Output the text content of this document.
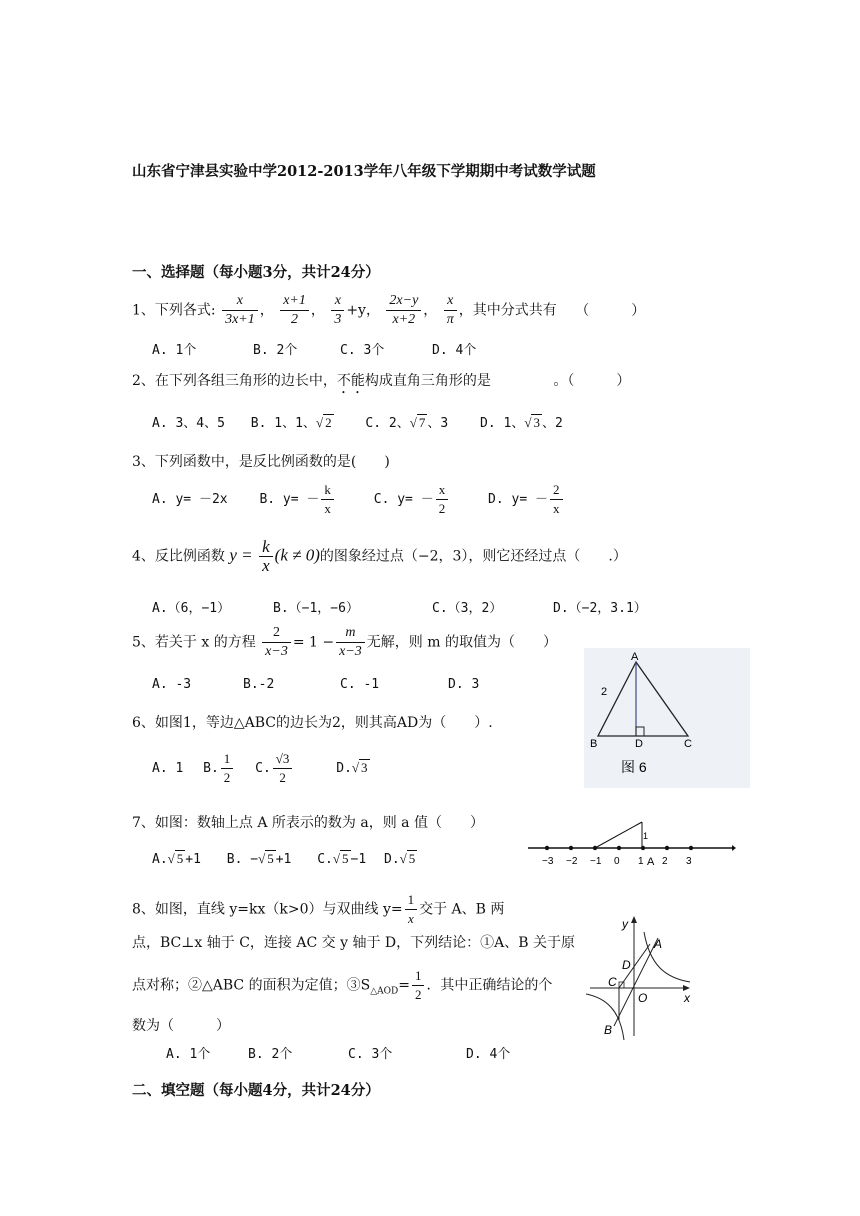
山东省宁津县实验中学2012-2013学年八年级下学期期中考试数学试题
一、选择题（每小题3分，共计24分）
1、下列各式: $\frac{x}{3x+1}$ ， $\frac{x+1}{2}$ ， $\frac{x}{3} +y$， $\frac{2x-y}{x+2}$ ， $\frac{x}{\pi}$ ，其中分式共有 （　　　）
A. 1个	B. 2个	C. 3个	D. 4个
2、在下列各组三角形的边长中，不能构成直角三角形的是	。（　　　）
A. 3、4、5 B. 1、1、√ 2	C. 2、√ 7 、3 D. 1、√ 3 、2
3、下列函数中，是反比例函数的是(　　)
A. y= －2x B. $y= - \frac{k}{x}$	C. $y= - \frac{x}{2}$	D. $y= - \frac{2}{x}$
4、反比例函数 $y = \frac{k}{x} (k \ne 0)$的图象经过点（−2，3），则它还经过点（　　.）
A.（6，−1）	B.（−1，−6）	C.（3，2）	D.（−2，3.1）
5、若关于 x 的方程 $\frac{2}{x-3} = 1 - \frac{m}{x-3}$ 无解，则 m 的取值为（　　）
A. -3	B.-2	C. -1	D. 3
A
B	C
D
2
图 6
6、如图1，等边△ABC的边长为2，则其高AD为（　　）.
A. 1 B. $\frac{1}{2} C$. $\frac{√3}{2}$	D.√ 3
7、如图：数轴上点 A 所表示的数为 a，则 a 值（　　）
A.√ 5 +1 B. −√ 5 +1 C.√ 5 −1 D.√ 5	−3 −2 −1 0 1 2 3
1
A
8、如图，直线 y=kx（k>0）与双曲线 $y= \frac{1}{x}$ 交于 A、B 两
点，BC⊥x 轴于 C，连接 AC 交 y 轴于 D，下列结论：①A、B 关于原
点对称；②△ABC 的面积为定值；$③S_{\triangle AOD}= \frac{1}{2}$ ．其中正确结论的个
数为（　　　）
A. 1个	B. 2个	C. 3个	D. 4个
y
x
A
B
C
D
O
二、填空题（每小题4分，共计24分）
